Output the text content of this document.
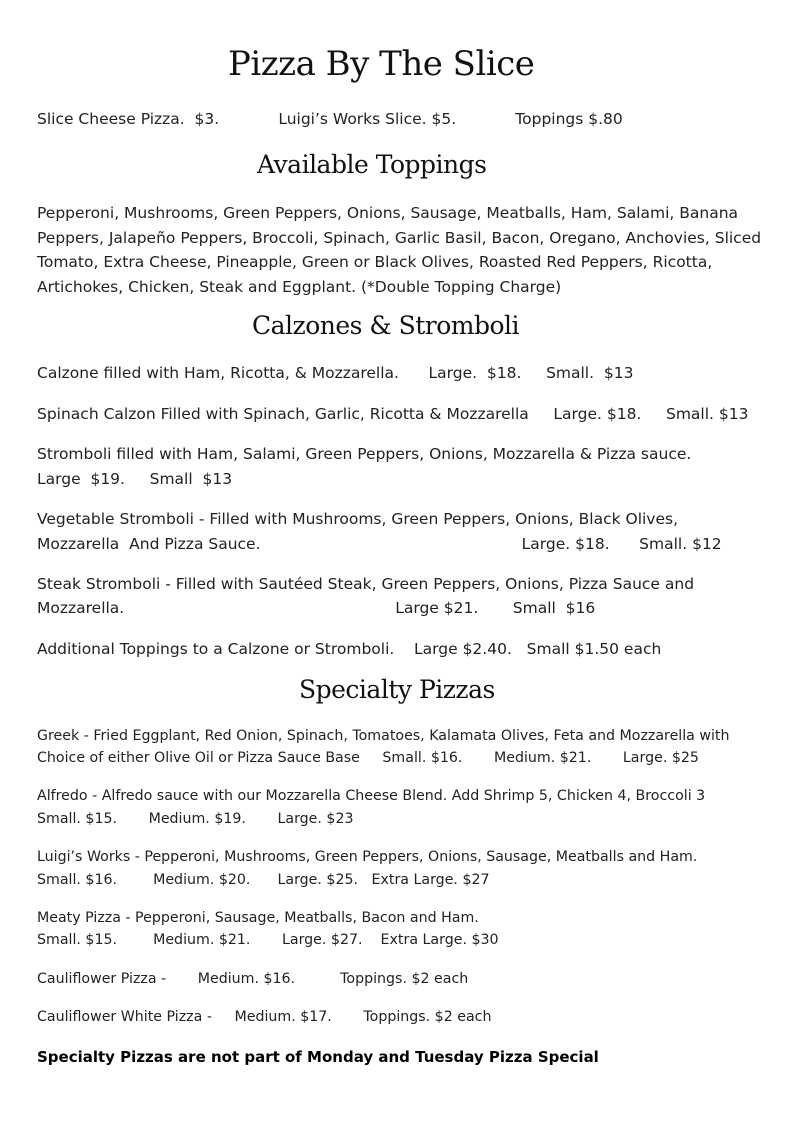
Pizza By The Slice

Slice Cheese Pizza.  $3.            Luigi’s Works Slice. $5.            Toppings $.80

Available Toppings

Pepperoni, Mushrooms, Green Peppers, Onions, Sausage, Meatballs, Ham, Salami, Banana Peppers, Jalapeño Peppers, Broccoli, Spinach, Garlic Basil, Bacon, Oregano, Anchovies, Sliced Tomato, Extra Cheese, Pineapple, Green or Black Olives, Roasted Red Peppers, Ricotta, Artichokes, Chicken, Steak and Eggplant. (*Double Topping Charge)

Calzones & Stromboli

Calzone filled with Ham, Ricotta, & Mozzarella.      Large.  $18.     Small.  $13

Spinach Calzon Filled with Spinach, Garlic, Ricotta & Mozzarella     Large. $18.     Small. $13

Stromboli filled with Ham, Salami, Green Peppers, Onions, Mozzarella & Pizza sauce.

Large  $19.     Small  $13

Vegetable Stromboli - Filled with Mushrooms, Green Peppers, Onions, Black Olives,

Mozzarella  And Pizza Sauce.                                                     Large. $18.      Small. $12

Steak Stromboli - Filled with Sautéed Steak, Green Peppers, Onions, Pizza Sauce and

Mozzarella.                                                       Large $21.       Small  $16

Additional Toppings to a Calzone or Stromboli.    Large $2.40.   Small $1.50 each

Specialty Pizzas

Greek - Fried Eggplant, Red Onion, Spinach, Tomatoes, Kalamata Olives, Feta and Mozzarella with

Choice of either Olive Oil or Pizza Sauce Base     Small. $16.       Medium. $21.       Large. $25

Alfredo - Alfredo sauce with our Mozzarella Cheese Blend. Add Shrimp 5, Chicken 4, Broccoli 3

Small. $15.       Medium. $19.       Large. $23

Luigi’s Works - Pepperoni, Mushrooms, Green Peppers, Onions, Sausage, Meatballs and Ham.

Small. $16.        Medium. $20.      Large. $25.   Extra Large. $27

Meaty Pizza - Pepperoni, Sausage, Meatballs, Bacon and Ham.

Small. $15.        Medium. $21.       Large. $27.    Extra Large. $30

Cauliflower Pizza -       Medium. $16.          Toppings. $2 each

Cauliflower White Pizza -     Medium. $17.       Toppings. $2 each

Specialty Pizzas are not part of Monday and Tuesday Pizza Special
